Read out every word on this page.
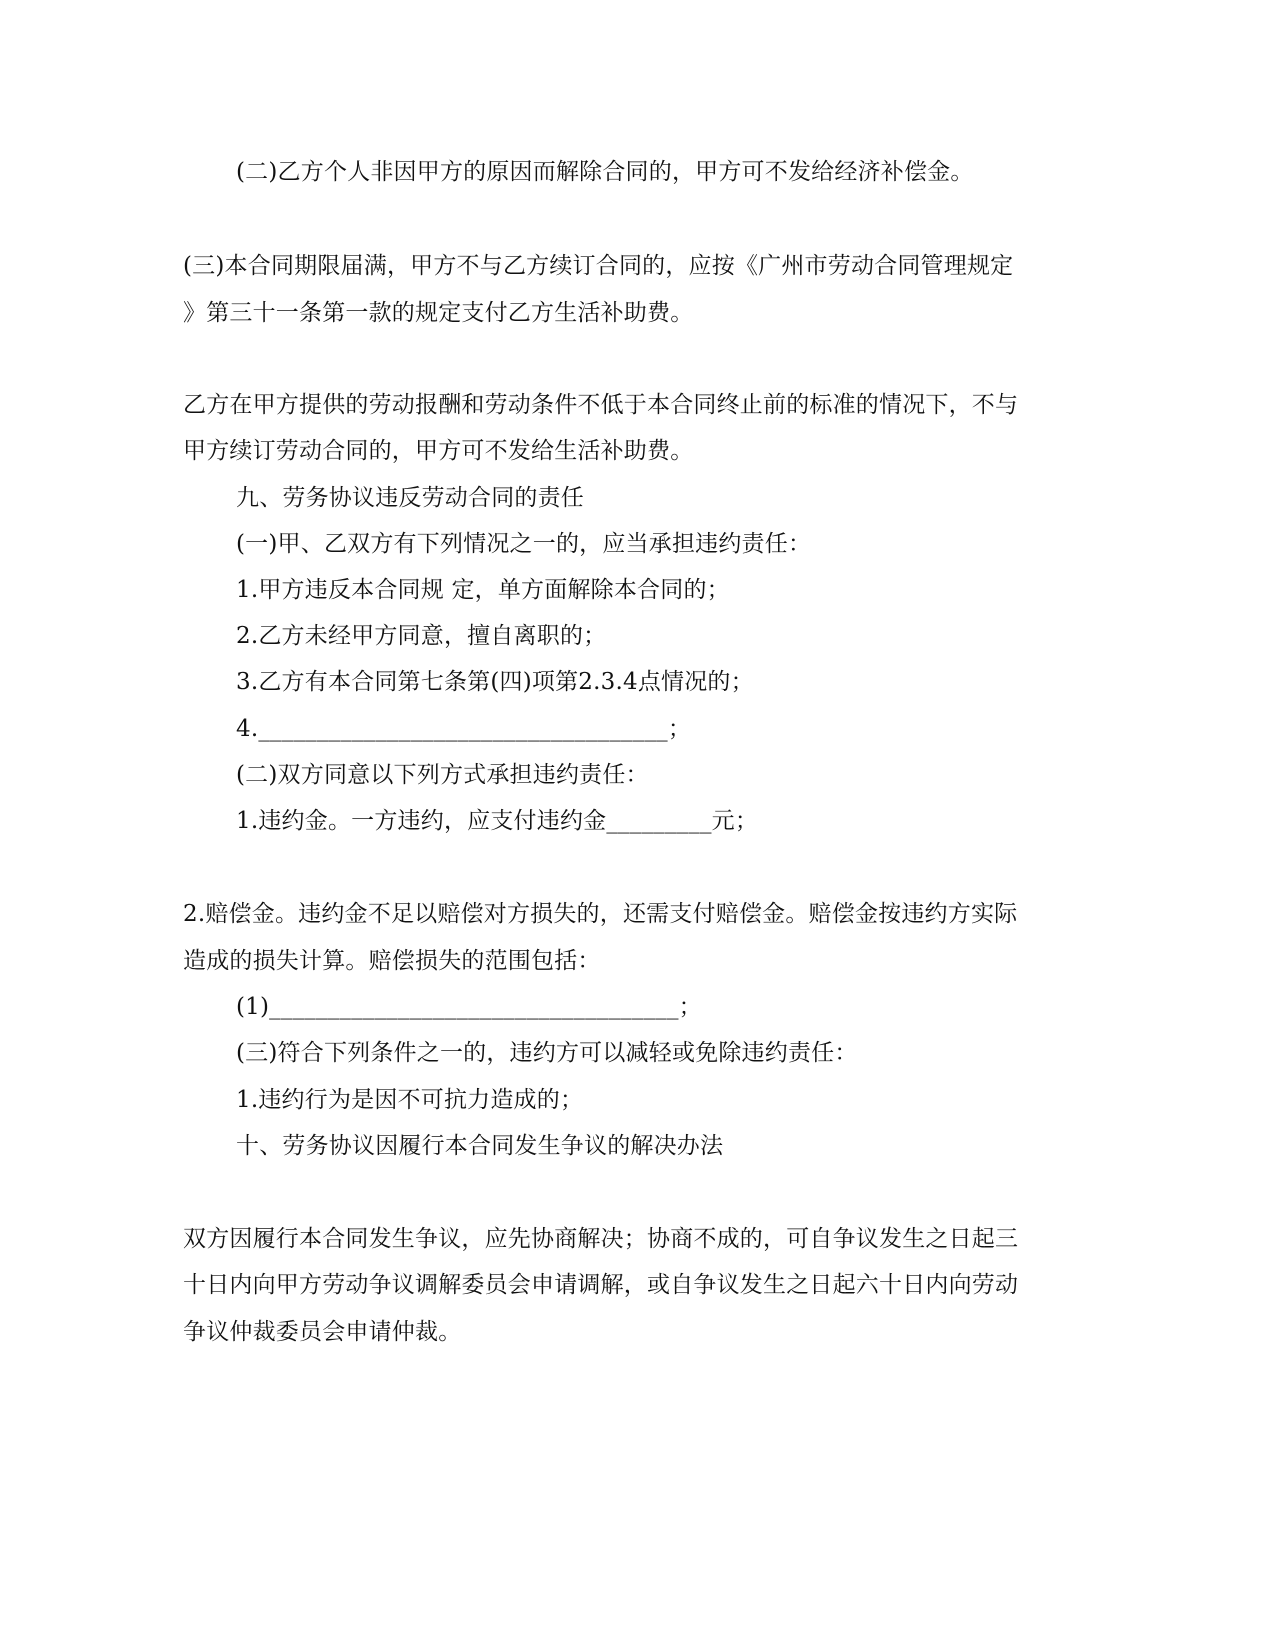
(二)乙方个人非因甲方的原因而解除合同的，甲方可不发给经济补偿金。
(三)本合同期限届满，甲方不与乙方续订合同的，应按《广州市劳动合同管理规定
》第三十一条第一款的规定支付乙方生活补助费。
乙方在甲方提供的劳动报酬和劳动条件不低于本合同终止前的标准的情况下，不与
甲方续订劳动合同的，甲方可不发给生活补助费。
九、劳务协议违反劳动合同的责任
(一)甲、乙双方有下列情况之一的，应当承担违约责任：
1.甲方违反本合同规 定，单方面解除本合同的；
2.乙方未经甲方同意，擅自离职的；
3.乙方有本合同第七条第(四)项第2.3.4点情况的；
4.___________________________________；
(二)双方同意以下列方式承担违约责任：
1.违约金。一方违约，应支付违约金_________元；
2.赔偿金。违约金不足以赔偿对方损失的，还需支付赔偿金。赔偿金按违约方实际
造成的损失计算。赔偿损失的范围包括：
(1)___________________________________；
(三)符合下列条件之一的，违约方可以减轻或免除违约责任：
1.违约行为是因不可抗力造成的；
十、劳务协议因履行本合同发生争议的解决办法
双方因履行本合同发生争议，应先协商解决；协商不成的，可自争议发生之日起三
十日内向甲方劳动争议调解委员会申请调解，或自争议发生之日起六十日内向劳动
争议仲裁委员会申请仲裁。
